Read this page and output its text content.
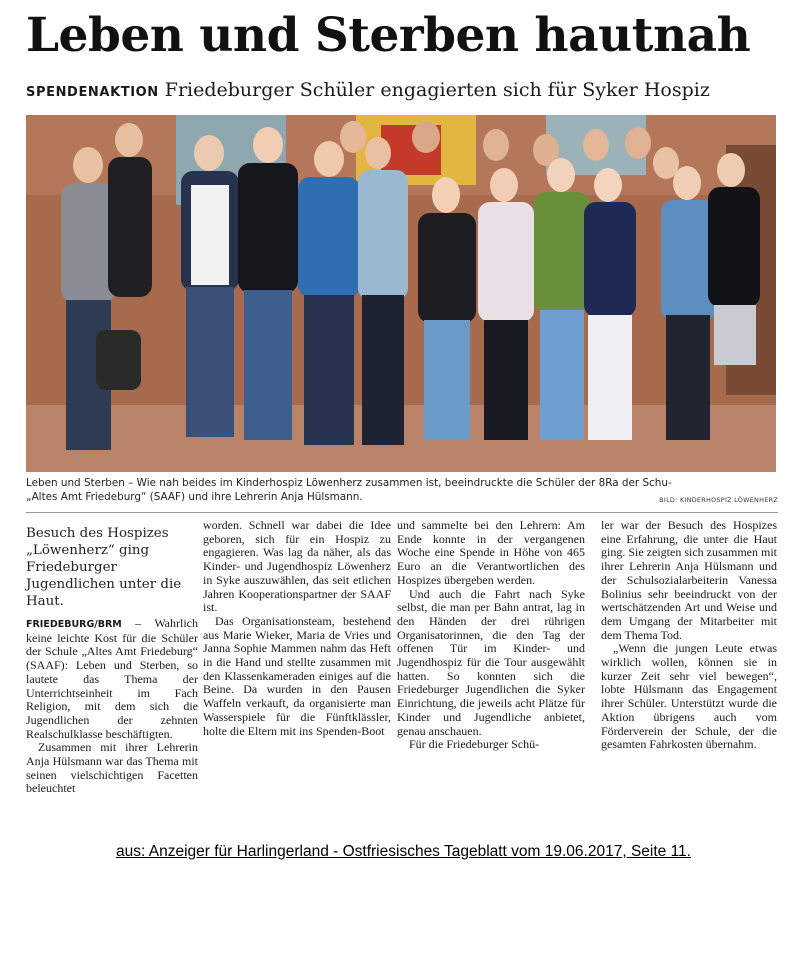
Leben und Sterben hautnah
SPENDENAKTION Friedeburger Schüler engagierten sich für Syker Hospiz
Leben und Sterben – Wie nah beides im Kinderhospiz Löwenherz zusammen ist, beeindruckte die Schüler der 8Ra der Schu-
„Altes Amt Friedeburg“ (SAAF) und ihre Lehrerin Anja Hülsmann.	BILD: KINDERHOSPIZ LÖWENHERZ

Besuch des Hospizes „Löwenherz“ ging Friedeburger Jugendlichen unter die Haut.

FRIEDEBURG/BRM – Wahrlich keine leichte Kost für die Schüler der Schule „Altes Amt Friedeburg“ (SAAF): Leben und Sterben, so lautete das Thema der Unterrichtseinheit im Fach Religion, mit dem sich die Jugendlichen der zehnten Realschulklasse beschäftigten.

Zusammen mit ihrer Lehrerin Anja Hülsmann war das Thema mit seinen vielschichtigen Facetten beleuchtet

worden. Schnell war dabei die Idee geboren, sich für ein Hospiz zu engagieren. Was lag da näher, als das Kinder- und Jugendhospiz Löwenherz in Syke auszuwählen, das seit etlichen Jahren Kooperationspartner der SAAF ist.

Das Organisationsteam, bestehend aus Marie Wieker, Maria de Vries und Janna Sophie Mammen nahm das Heft in die Hand und stellte zusammen mit den Klassenkameraden einiges auf die Beine. Da wurden in den Pausen Waffeln verkauft, da organisierte man Wasserspiele für die Fünftklässler, holte die Eltern mit ins Spenden-Boot

und sammelte bei den Lehrern: Am Ende konnte in der vergangenen Woche eine Spende in Höhe von 465 Euro an die Verantwortlichen des Hospizes übergeben werden.

Und auch die Fahrt nach Syke selbst, die man per Bahn antrat, lag in den Händen der drei rührigen Organisatorinnen, die den Tag der offenen Tür im Kinder- und Jugendhospiz für die Tour ausgewählt hatten. So konnten sich die Friedeburger Jugendlichen die Syker Einrichtung, die jeweils acht Plätze für Kinder und Jugendliche anbietet, genau anschauen.

Für die Friedeburger Schü-

ler war der Besuch des Hospizes eine Erfahrung, die unter die Haut ging. Sie zeigten sich zusammen mit ihrer Lehrerin Anja Hülsmann und der Schulsozialarbeiterin Vanessa Bolinius sehr beeindruckt von der wertschätzenden Art und Weise und dem Umgang der Mitarbeiter mit dem Thema Tod.

„Wenn die jungen Leute etwas wirklich wollen, können sie in kurzer Zeit sehr viel bewegen“, lobte Hülsmann das Engagement ihrer Schüler. Unterstützt wurde die Aktion übrigens auch vom Förderverein der Schule, der die gesamten Fahrkosten übernahm.

aus: Anzeiger für Harlingerland - Ostfriesisches Tageblatt vom 19.06.2017, Seite 11.
